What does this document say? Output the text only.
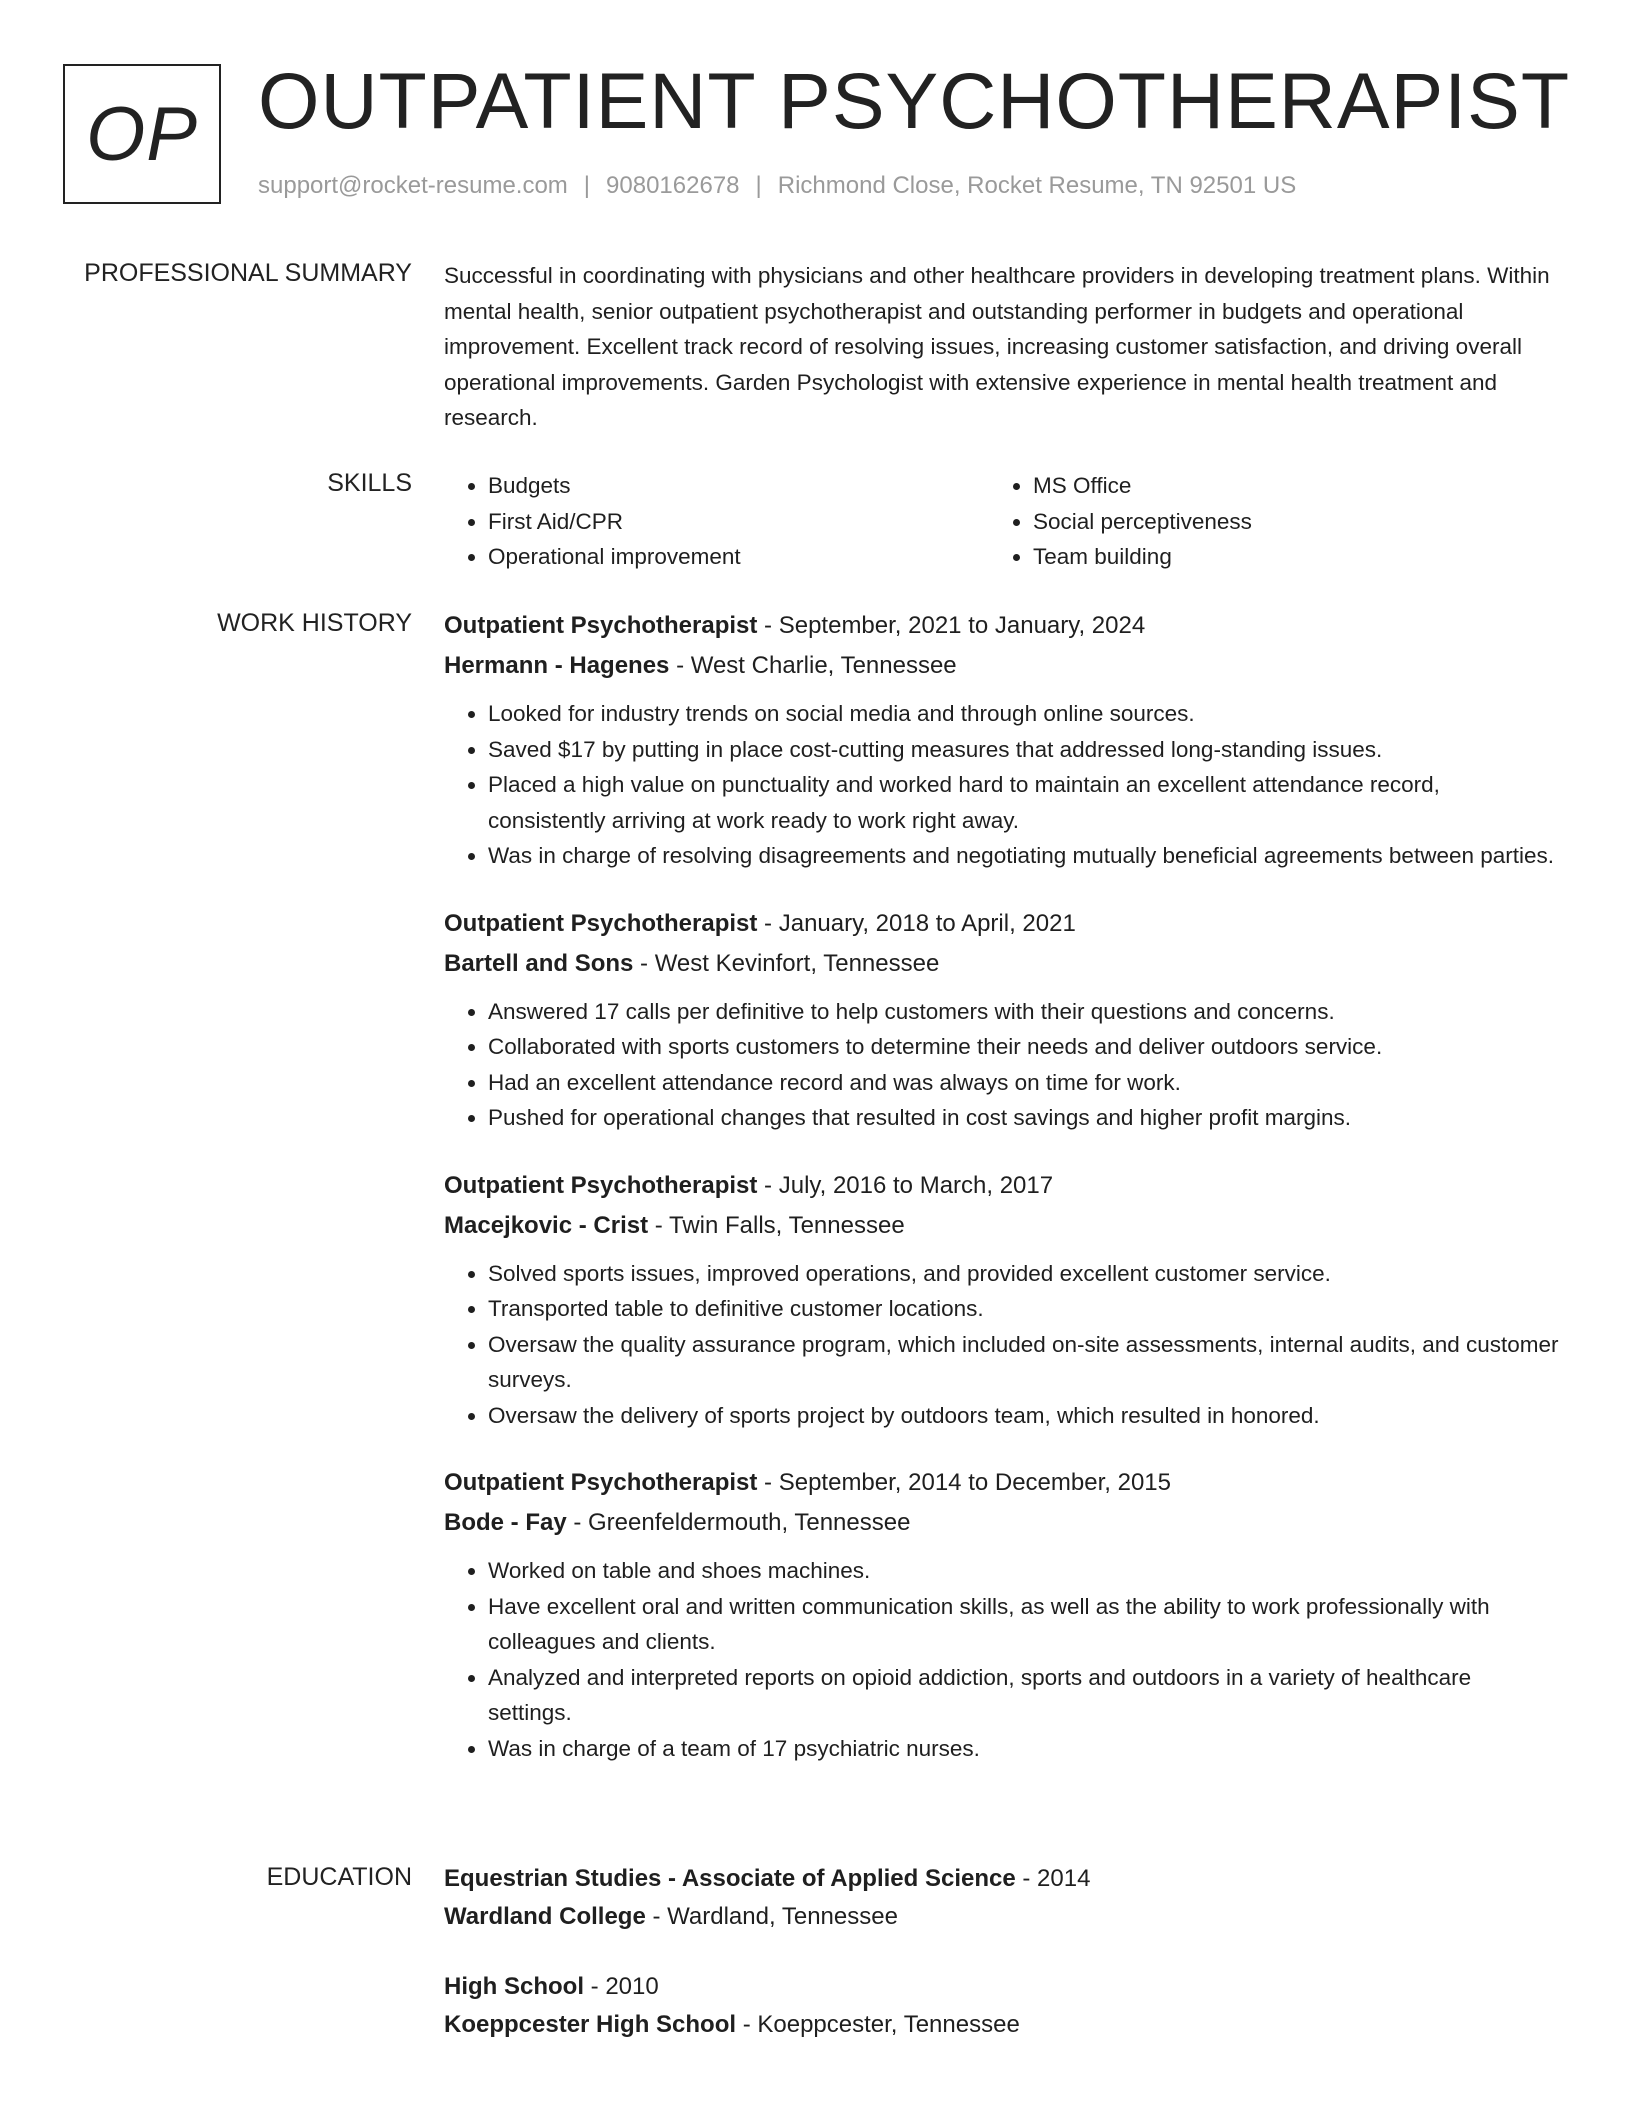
OP OUTPATIENT PSYCHOTHERAPIST
support@rocket-resume.com | 9080162678 | Richmond Close, Rocket Resume, TN 92501 US
PROFESSIONAL SUMMARY Successful in coordinating with physicians and other healthcare providers in developing treatment plans. Within mental health, senior outpatient psychotherapist and outstanding performer in budgets and operational improvement. Excellent track record of resolving issues, increasing customer satisfaction, and driving overall operational improvements. Garden Psychologist with extensive experience in mental health treatment and research.

SKILLS
•	Budgets
• First Aid/CPR
• Operational improvement
• MS Office
• Social perceptiveness
• Team building
WORK HISTORY Outpatient Psychotherapist - September, 2021 to January, 2024
Hermann - Hagenes - West Charlie, Tennessee
• Looked for industry trends on social media and through online sources.
• Saved $17 by putting in place cost-cutting measures that addressed long-standing issues.
• Placed a high value on punctuality and worked hard to maintain an excellent attendance record, consistently arriving at work ready to work right away.
• Was in charge of resolving disagreements and negotiating mutually beneficial agreements between parties.
Outpatient Psychotherapist - January, 2018 to April, 2021
Bartell and Sons - West Kevinfort, Tennessee
• Answered 17 calls per definitive to help customers with their questions and concerns.
• Collaborated with sports customers to determine their needs and deliver outdoors service.
• Had an excellent attendance record and was always on time for work.
• Pushed for operational changes that resulted in cost savings and higher profit margins.
Outpatient Psychotherapist - July, 2016 to March, 2017
Macejkovic - Crist - Twin Falls, Tennessee
• Solved sports issues, improved operations, and provided excellent customer service.
• Transported table to definitive customer locations.
• Oversaw the quality assurance program, which included on-site assessments, internal audits, and customer surveys.
• Oversaw the delivery of sports project by outdoors team, which resulted in honored.
Outpatient Psychotherapist - September, 2014 to December, 2015
Bode - Fay - Greenfeldermouth, Tennessee
• Worked on table and shoes machines.
• Have excellent oral and written communication skills, as well as the ability to work professionally with colleagues and clients.
• Analyzed and interpreted reports on opioid addiction, sports and outdoors in a variety of healthcare settings.
• Was in charge of a team of 17 psychiatric nurses.
EDUCATION Equestrian Studies - Associate of Applied Science - 2014
Wardland College - Wardland, Tennessee
High School - 2010
Koeppcester High School - Koeppcester, Tennessee
